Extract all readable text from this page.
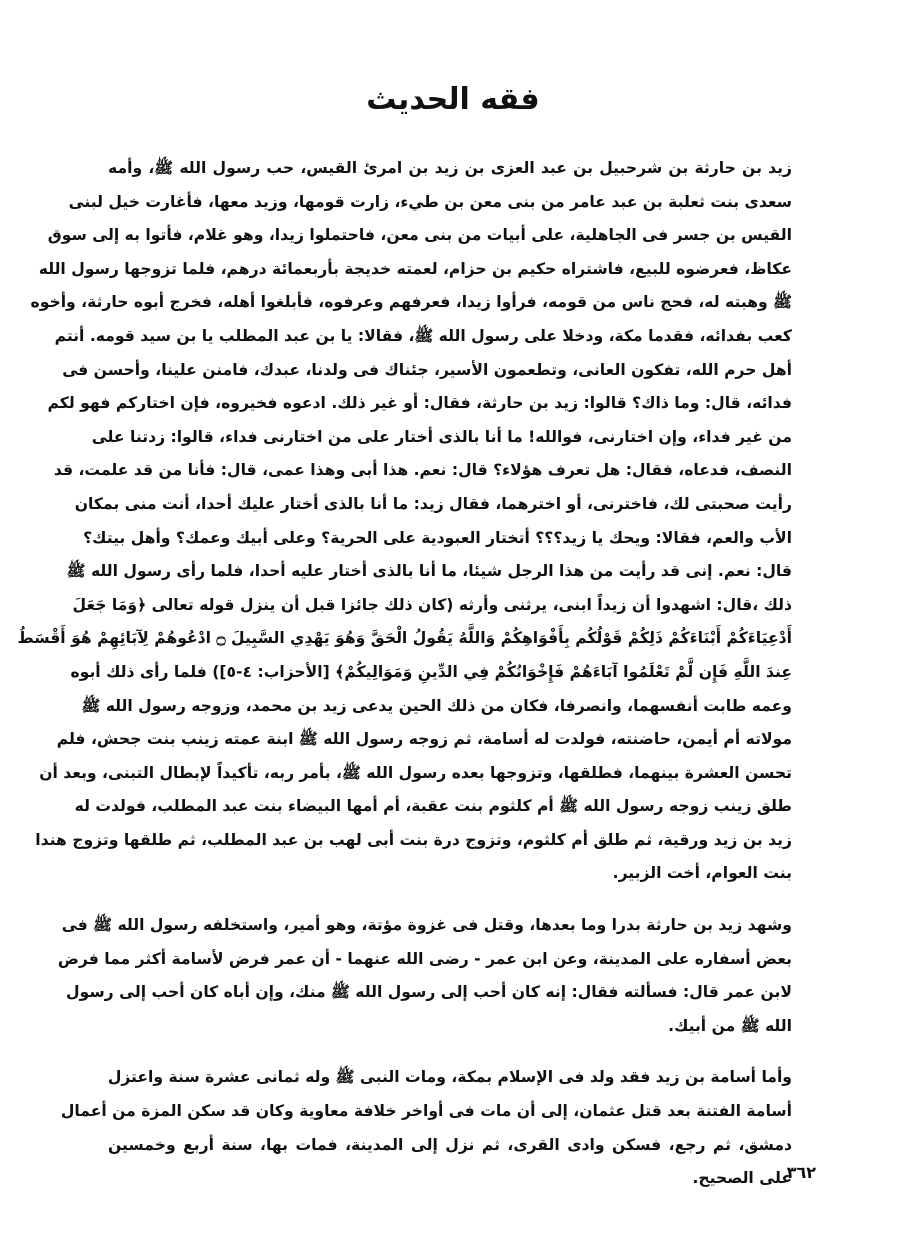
فقه الحديث

زيد بن حارثة بن شرحبيل بن عبد العزى بن زيد بن امرئ القيس، حب رسول الله ﷺ، وأمه
سعدى بنت ثعلبة بن عبد عامر من بنى معن بن طيء، زارت قومها، وزيد معها، فأغارت خيل لبنى
القيس بن جسر فى الجاهلية، على أبيات من بنى معن، فاحتملوا زيدا، وهو غلام، فأتوا به إلى سوق
عكاظ، فعرضوه للبيع، فاشتراه حكيم بن حزام، لعمته خديجة بأربعمائة درهم، فلما تزوجها رسول الله
ﷺ وهبته له، فحج ناس من قومه، فرأوا زيدا، فعرفهم وعرفوه، فأبلغوا أهله، فخرج أبوه حارثة، وأخوه
كعب بفدائه، فقدما مكة، ودخلا على رسول الله ﷺ، فقالا: يا بن عبد المطلب يا بن سيد قومه. أنتم
أهل حرم الله، تفكون العانى، وتطعمون الأسير، جئناك فى ولدنا، عبدك، فامنن علينا، وأحسن فى
فدائه، قال: وما ذاك؟ قالوا: زيد بن حارثة، فقال: أو غير ذلك. ادعوه فخيروه، فإن اختاركم فهو لكم
من غير فداء، وإن اختارنى، فوالله! ما أنا بالذى أختار على من اختارنى فداء، قالوا: زدتنا على
النصف، فدعاه، فقال: هل تعرف هؤلاء؟ قال: نعم. هذا أبى وهذا عمى، قال: فأنا من قد علمت، قد
رأيت صحبتى لك، فاخترنى، أو اخترهما، فقال زيد: ما أنا بالذى أختار عليك أحدا، أنت منى بمكان
الأب والعم، فقالا: ويحك يا زيد؟؟؟ أتختار العبودية على الحرية؟ وعلى أبيك وعمك؟ وأهل بيتك؟
قال: نعم. إنى قد رأيت من هذا الرجل شيئا، ما أنا بالذى أختار عليه أحدا، فلما رأى رسول الله ﷺ
ذلك ،قال: اشهدوا أن زيداً ابنى، يرثنى وأرثه (كان ذلك جائزا قبل أن ينزل قوله تعالى ﴿وَمَا جَعَلَ
أَدْعِيَاءَكُمْ أَبْنَاءَكُمْ ذَلِكُمْ قَوْلُكُم بِأَفْوَاهِكُمْ وَاللَّهُ يَقُولُ الْحَقَّ وَهُوَ يَهْدِي السَّبِيلَ ۝ ادْعُوهُمْ لِآبَائِهِمْ هُوَ أَقْسَطُ
عِندَ اللَّهِ فَإِن لَّمْ تَعْلَمُوا آبَاءَهُمْ فَإِخْوَانُكُمْ فِي الدِّينِ وَمَوَالِيكُمْ﴾ [الأحزاب: ٤-٥]) فلما رأى ذلك أبوه
وعمه طابت أنفسهما، وانصرفا، فكان من ذلك الحين يدعى زيد بن محمد، وزوجه رسول الله ﷺ
مولاته أم أيمن، حاضنته، فولدت له أسامة، ثم زوجه رسول الله ﷺ ابنة عمته زينب بنت جحش، فلم
تحسن العشرة بينهما، فطلقها، وتزوجها بعده رسول الله ﷺ، بأمر ربه، تأكيداً لإبطال التبنى، وبعد أن
طلق زينب زوجه رسول الله ﷺ أم كلثوم بنت عقبة، أم أمها البيضاء بنت عبد المطلب، فولدت له
زيد بن زيد ورقية، ثم طلق أم كلثوم، وتزوج درة بنت أبى لهب بن عبد المطلب، ثم طلقها وتزوج هندا
بنت العوام، أخت الزبير.

وشهد زيد بن حارثة بدرا وما بعدها، وقتل فى غزوة مؤتة، وهو أمير، واستخلفه رسول الله ﷺ فى
بعض أسفاره على المدينة، وعن ابن عمر - رضى الله عنهما - أن عمر فرض لأسامة أكثر مما فرض
لابن عمر قال: فسألته فقال: إنه كان أحب إلى رسول الله ﷺ منك، وإن أباه كان أحب إلى رسول
الله ﷺ من أبيك.

وأما أسامة بن زيد فقد ولد فى الإسلام بمكة، ومات النبى ﷺ وله ثمانى عشرة سنة واعتزل
أسامة الفتنة بعد قتل عثمان، إلى أن مات فى أواخر خلافة معاوية وكان قد سكن المزة من أعمال
دمشق، ثم رجع، فسكن وادى القرى، ثم نزل إلى المدينة، فمات بها، سنة أربع وخمسين
على الصحيح.

٣٦٢
